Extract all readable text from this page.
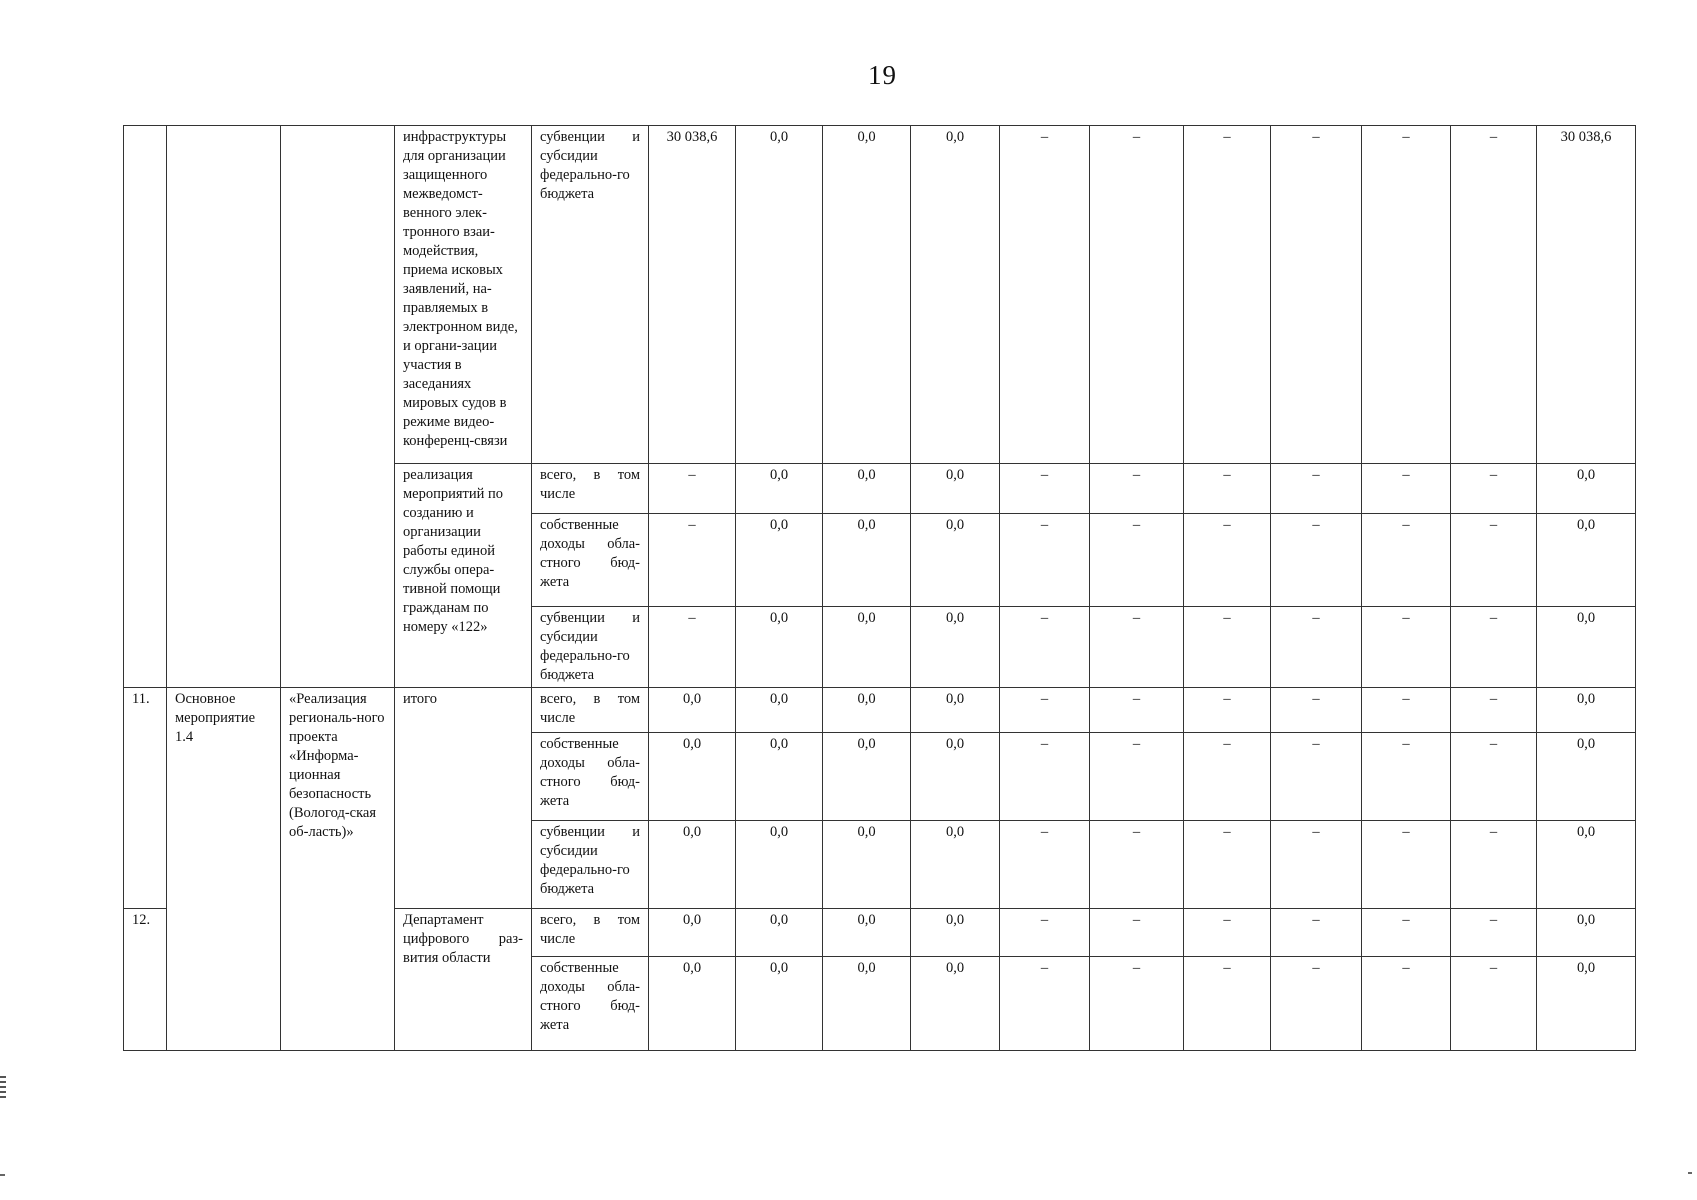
19
			инфраструктуры для организации защищенного межведомст-венного элек-тронного взаи-модействия, приема исковых заявлений, на-правляемых в электронном виде, и органи-зации участия в заседаниях мировых судов в режиме видео-конференц-связи	субвенции и субсидии федерально-го бюджета	30 038,6	0,0	0,0	0,0	–	–	–	–	–	–	30 038,6
			реализация мероприятий по созданию и организации работы единой службы опера-тивной помощи гражданам по номеру «122»	всего, в том числе	–	0,0	0,0	0,0	–	–	–	–	–	–	0,0
				собственные доходы обла-стного бюд-жета	–	0,0	0,0	0,0	–	–	–	–	–	–	0,0
				субвенции и субсидии федерально-го бюджета	–	0,0	0,0	0,0	–	–	–	–	–	–	0,0
11.	Основное мероприятие 1.4	«Реализация региональ-ного проекта «Информа-ционная безопасность (Вологод-ская об-ласть)»	итого	всего, в том числе	0,0	0,0	0,0	0,0	–	–	–	–	–	–	0,0
				собственные доходы обла-стного бюд-жета	0,0	0,0	0,0	0,0	–	–	–	–	–	–	0,0
				субвенции и субсидии федерально-го бюджета	0,0	0,0	0,0	0,0	–	–	–	–	–	–	0,0
12.			Департамент цифрового раз-вития области	всего, в том числе	0,0	0,0	0,0	0,0	–	–	–	–	–	–	0,0
				собственные доходы обла-стного бюд-жета	0,0	0,0	0,0	0,0	–	–	–	–	–	–	0,0
